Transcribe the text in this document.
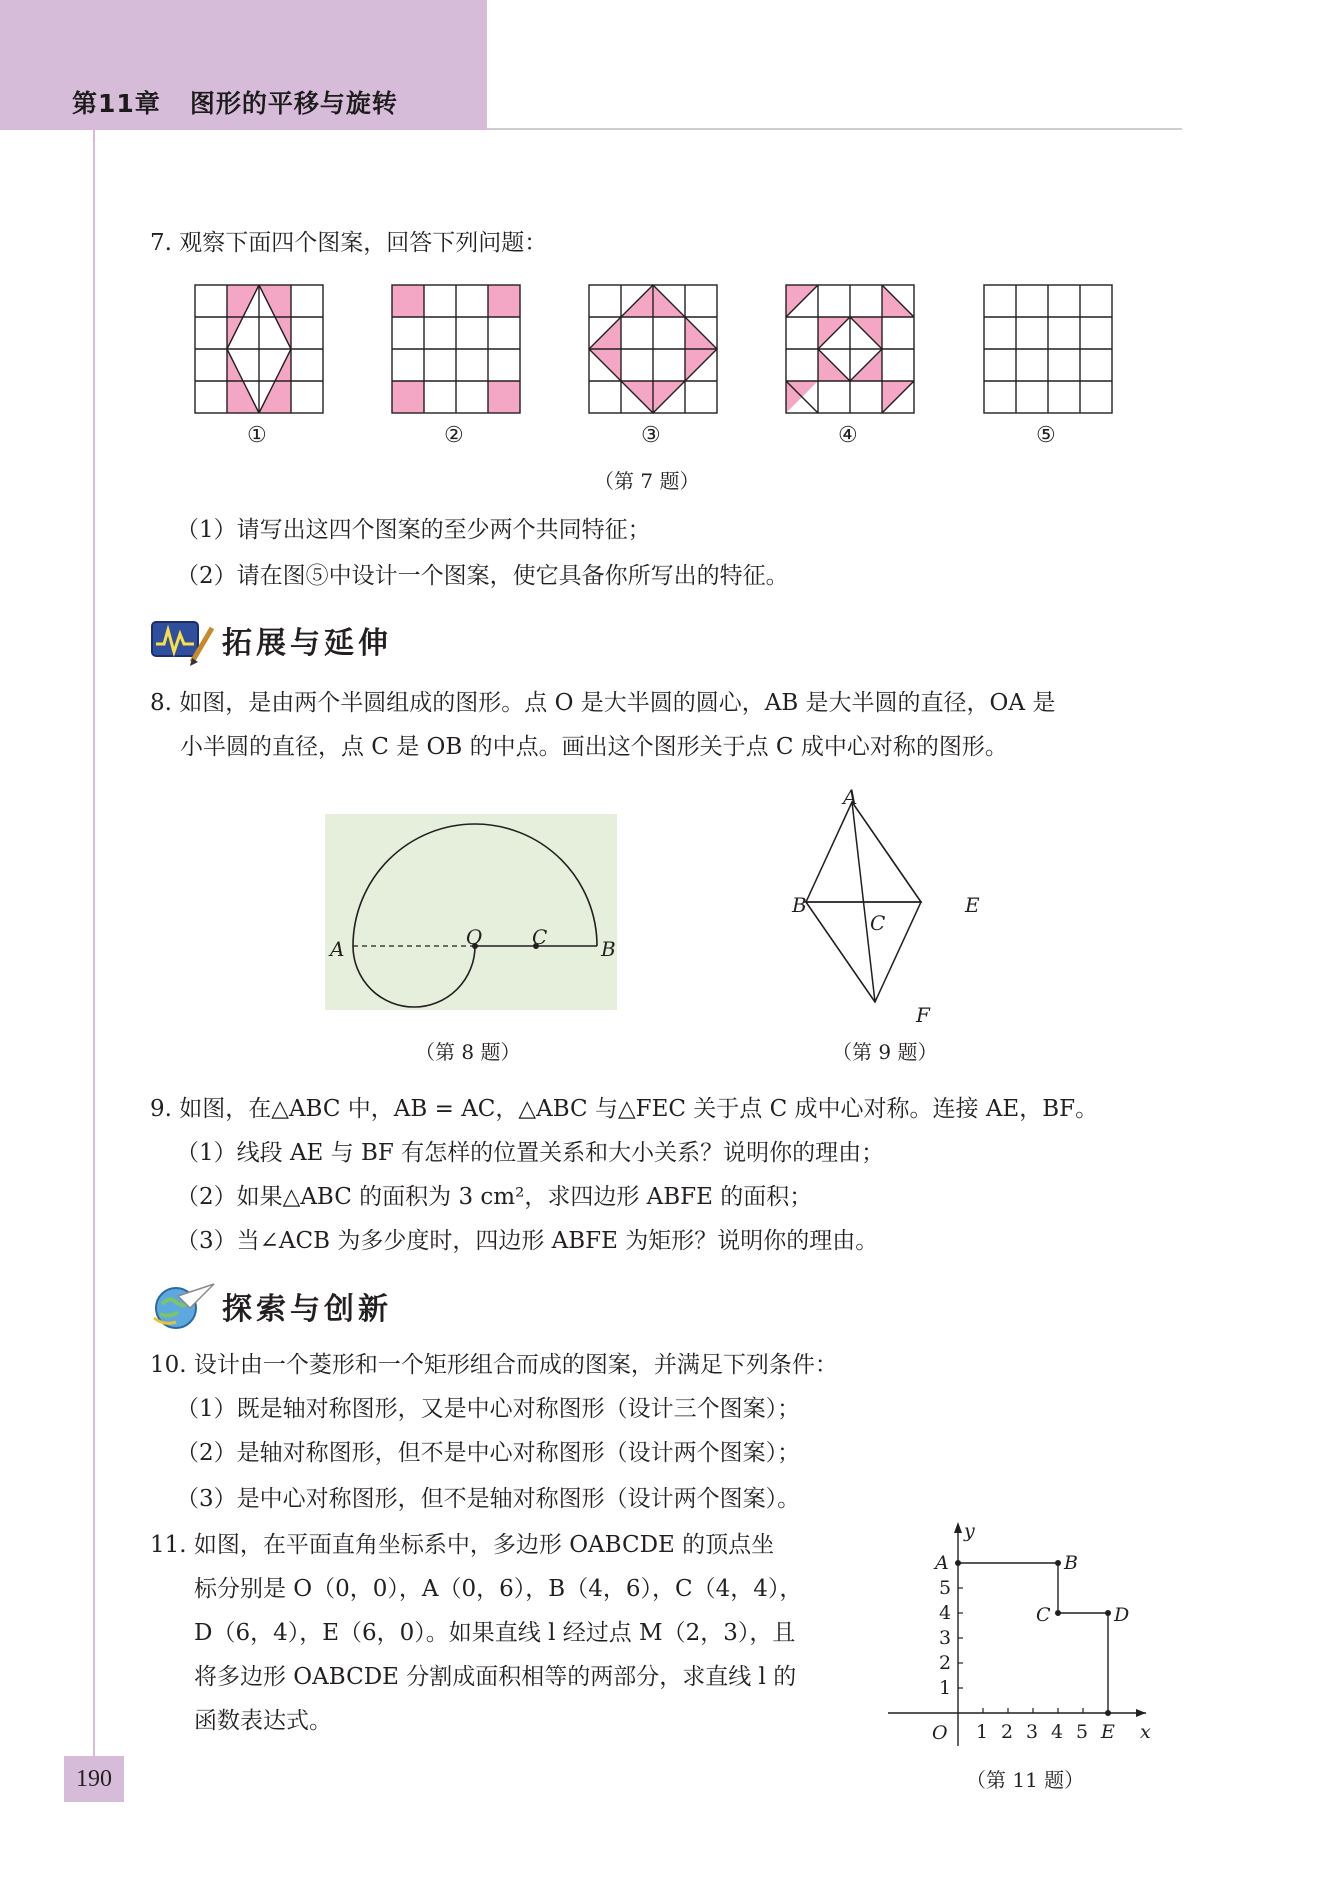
第11章 图形的平移与旋转
7. 观察下面四个图案，回答下列问题：
①	②	③	④	⑤
（第 7 题）
（1）请写出这四个图案的至少两个共同特征；
（2）请在图⑤中设计一个图案，使它具备你所写出的特征。
拓展与延伸
8. 如图，是由两个半圆组成的图形。点 O 是大半圆的圆心，AB 是大半圆的直径，OA 是
小半圆的直径，点 C 是 OB 的中点。画出这个图形关于点 C 成中心对称的图形。
A	O C	B
（第 8 题）
A
B
C
E
F
（第 9 题）
9. 如图，在△ABC 中，AB = AC，△ABC 与△FEC 关于点 C 成中心对称。连接 AE，BF。
（1）线段 AE 与 BF 有怎样的位置关系和大小关系？说明你的理由；
（2）如果△ABC 的面积为 3 cm²，求四边形 ABFE 的面积；
（3）当∠ACB 为多少度时，四边形 ABFE 为矩形？说明你的理由。
探索与创新
10. 设计由一个菱形和一个矩形组合而成的图案，并满足下列条件：
（1）既是轴对称图形，又是中心对称图形（设计三个图案）；
（2）是轴对称图形，但不是中心对称图形（设计两个图案）；
（3）是中心对称图形，但不是轴对称图形（设计两个图案）。
11. 如图，在平面直角坐标系中，多边形 OABCDE 的顶点坐
标分别是 O（0，0），A（0，6），B（4，6），C（4，4），
D（6，4），E（6，0）。如果直线 l 经过点 M（2，3），且
将多边形 OABCDE 分割成面积相等的两部分，求直线 l 的
函数表达式。	1 2 3 4 5 E x
O
y
1
2
3
4
5
A	B
C	D
（第 11 题）
190
